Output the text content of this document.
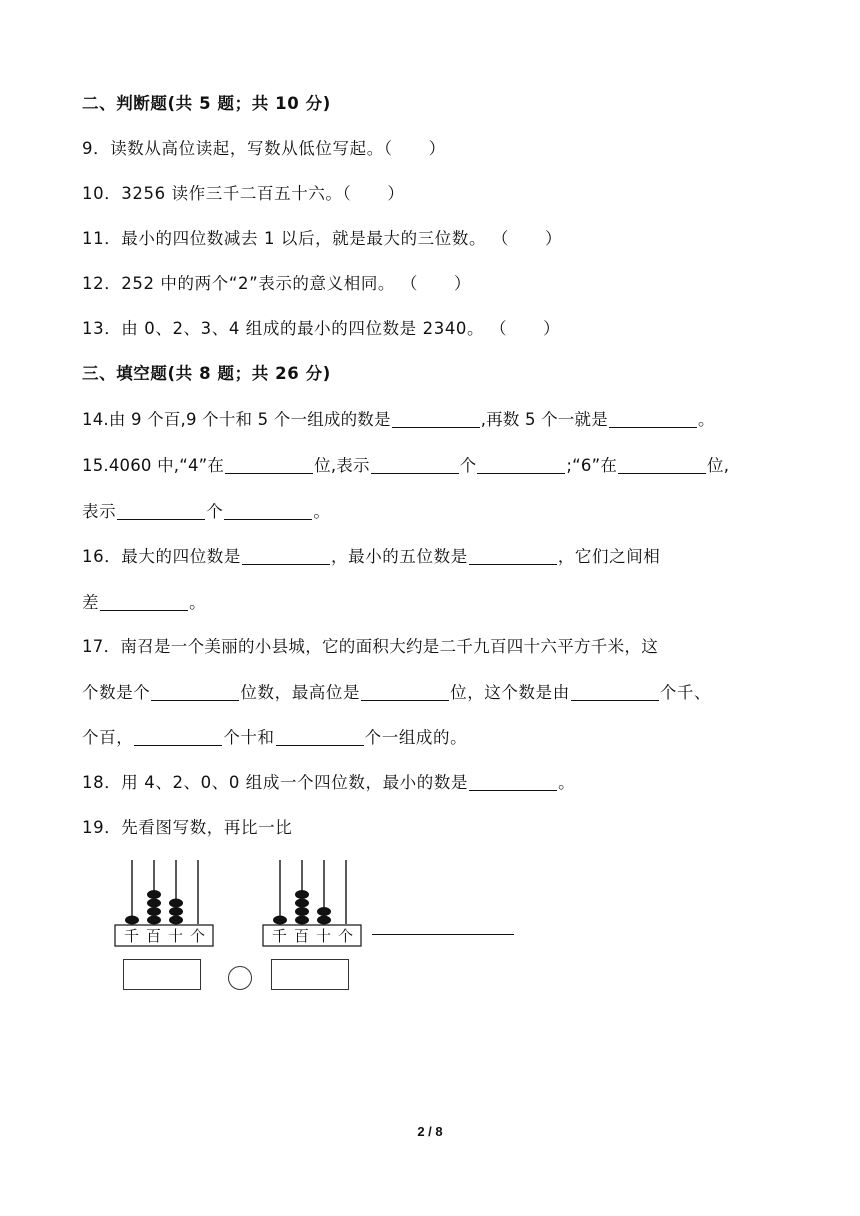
二、判断题(共 5 题；共 10 分)
9．读数从高位读起，写数从低位写起。（ ）
10．3256 读作三千二百五十六。（ ）
11．最小的四位数减去 1 以后，就是最大的三位数。 （ ）
12．252 中的两个“2”表示的意义相同。 （ ）
13．由 0、2、3、4 组成的最小的四位数是 2340。 （ ）
三、填空题(共 8 题；共 26 分)
14.由 9 个百,9 个十和 5 个一组成的数是	,再数 5 个一就是	。
15.4060 中,“4”在	位,表示	个	;“6”在	位,
表示	个	。
16．最大的四位数是	，最小的五位数是	，它们之间相
差	。
17．南召是一个美丽的小县城，它的面积大约是二千九百四十六平方千米，这
个数是个	位数，最高位是	位，这个数是由	个千、
个百，	个十和	个一组成的。
18．用 4、2、0、0 组成一个四位数，最小的数是	。
19．先看图写数，再比一比
千 百 十 个	千 百 十 个
2 / 8
